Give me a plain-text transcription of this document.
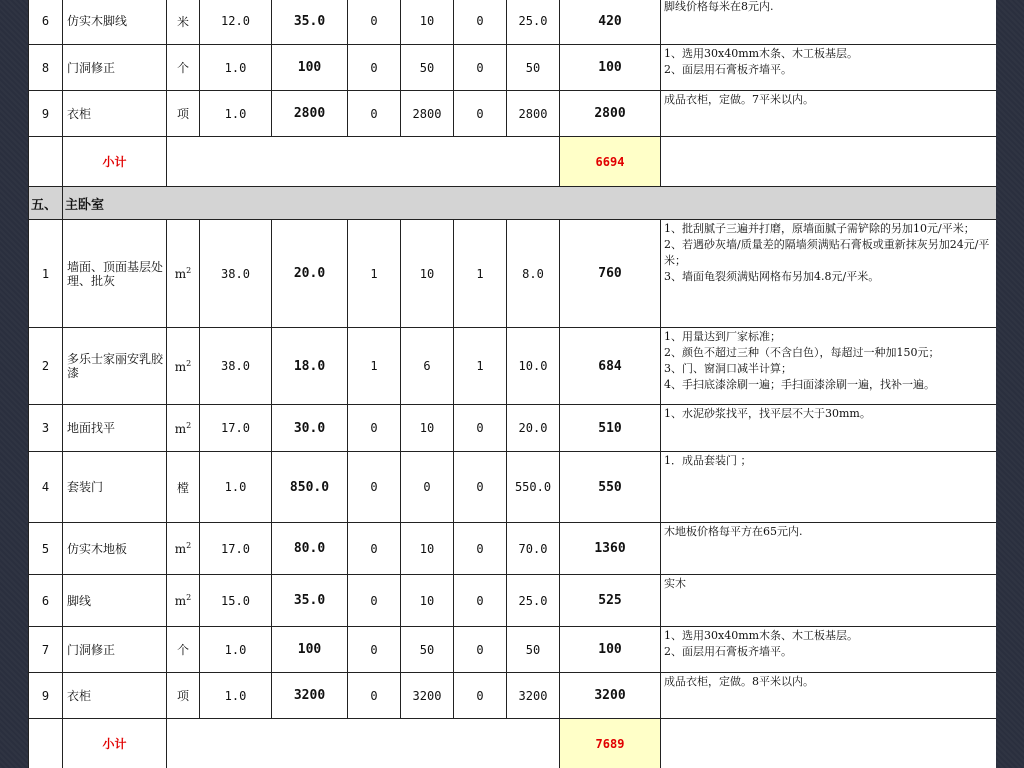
6	仿实木脚线	米	12.0	35.0	0	10	0	25.0	420	脚线价格每米在8元内.

8	门洞修正	个	1.0	100	0	50	0	50	100	1、选用30x40mm木条、木工板基层。
2、面层用石膏板齐墙平。

9	衣柜	项	1.0	2800	0	2800	0	2800	2800	成品衣柜，定做。7平米以内。

	小计								6694	
五、	主卧室									
1	墙面、顶面基层处理、批灰	$m^2$	38.0	20.0	1	10	1	8.0	760	1、批刮腻子三遍并打磨，原墙面腻子需铲除的另加10元/平米；
2、若遇砂灰墙/质量差的隔墙须满贴石膏板或重新抹灰另加24元/平米；
3、墙面龟裂须满贴网格布另加4.8元/平米。

2	多乐士家丽安乳胶漆	$m^2$	38.0	18.0	1	6	1	10.0	684	1、用量达到厂家标准；
2、颜色不超过三种（不含白色），每超过一种加150元；
3、门、窗洞口减半计算；
4、手扫底漆涂刷一遍；手扫面漆涂刷一遍，找补一遍。

3	地面找平	$m^2$	17.0	30.0	0	10	0	20.0	510	1、水泥砂浆找平，找平层不大于30mm。

4	套装门	樘	1.0	850.0	0	0	0	550.0	550	1．成品套装门 ；

5	仿实木地板	$m^2$	17.0	80.0	0	10	0	70.0	1360	木地板价格每平方在65元内.

6	脚线	$m^2$	15.0	35.0	0	10	0	25.0	525	实木

7	门洞修正	个	1.0	100	0	50	0	50	100	1、选用30x40mm木条、木工板基层。
2、面层用石膏板齐墙平。

9	衣柜	项	1.0	3200	0	3200	0	3200	3200	成品衣柜，定做。8平米以内。

	小计								7689	
